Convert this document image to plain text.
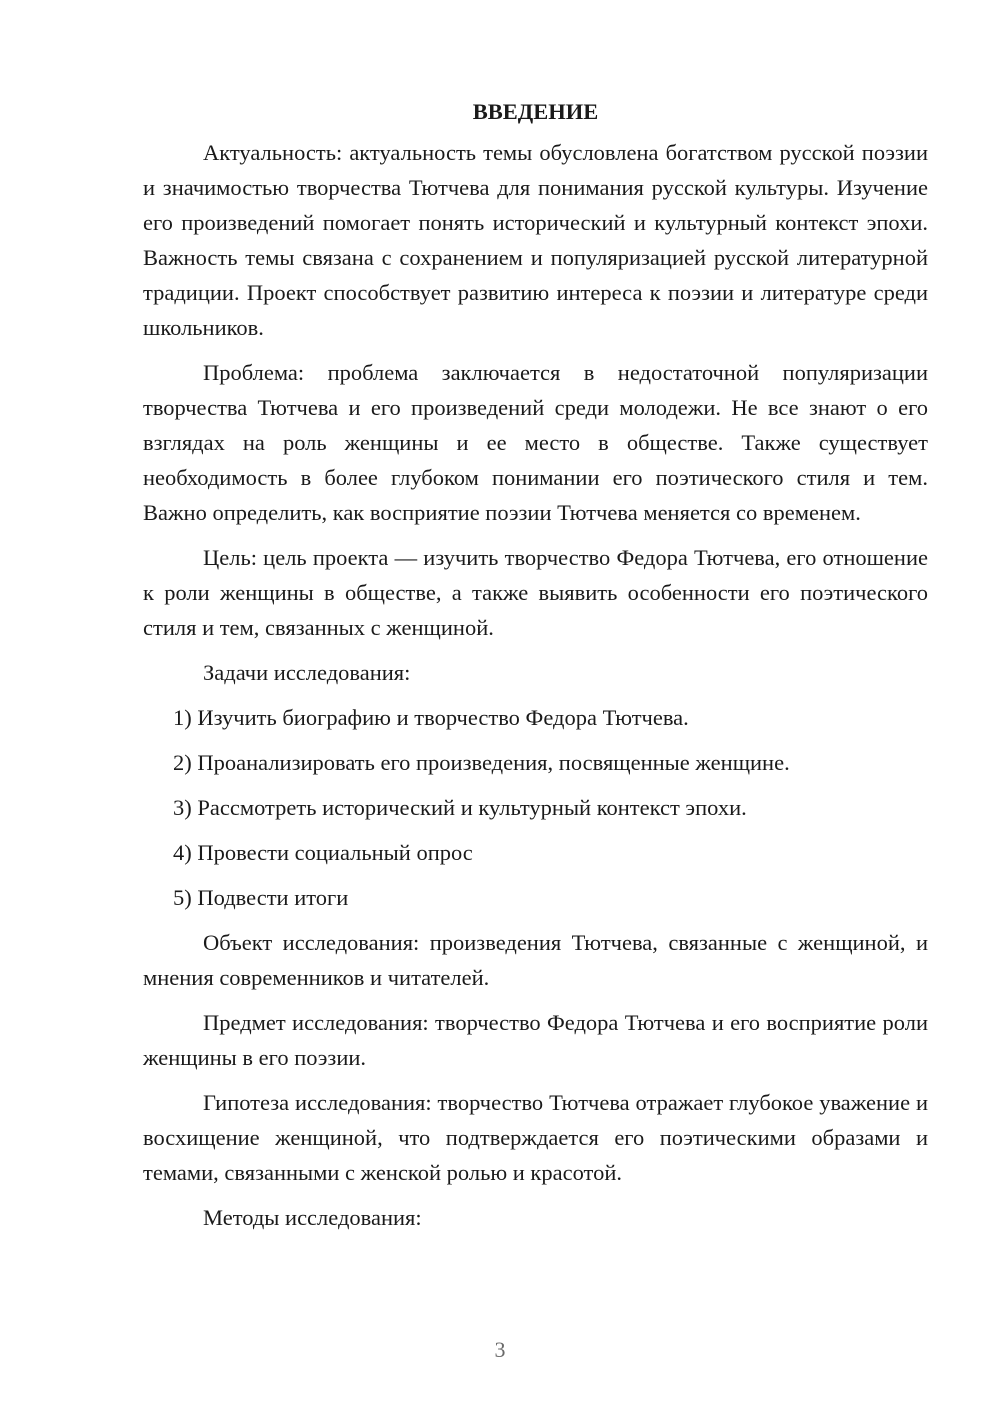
ВВЕДЕНИЕ

Актуальность: актуальность темы обусловлена богатством русской поэзии и значимостью творчества Тютчева для понимания русской культуры. Изучение его произведений помогает понять исторический и культурный контекст эпохи. Важность темы связана с сохранением и популяризацией русской литературной традиции. Проект способствует развитию интереса к поэзии и литературе среди школьников.

Проблема: проблема заключается в недостаточной популяризации творчества Тютчева и его произведений среди молодежи. Не все знают о его взглядах на роль женщины и ее место в обществе. Также существует необходимость в более глубоком понимании его поэтического стиля и тем. Важно определить, как восприятие поэзии Тютчева меняется со временем.

Цель: цель проекта — изучить творчество Федора Тютчева, его отношение к роли женщины в обществе, а также выявить особенности его поэтического стиля и тем, связанных с женщиной.

Задачи исследования:

1) Изучить биографию и творчество Федора Тютчева.
2) Проанализировать его произведения, посвященные женщине.
3) Рассмотреть исторический и культурный контекст эпохи.
4) Провести социальный опрос
5) Подвести итоги

Объект исследования: произведения Тютчева, связанные с женщиной, и мнения современников и читателей.

Предмет исследования: творчество Федора Тютчева и его восприятие роли женщины в его поэзии.

Гипотеза исследования: творчество Тютчева отражает глубокое уважение и восхищение женщиной, что подтверждается его поэтическими образами и темами, связанными с женской ролью и красотой.

Методы исследования:

3
